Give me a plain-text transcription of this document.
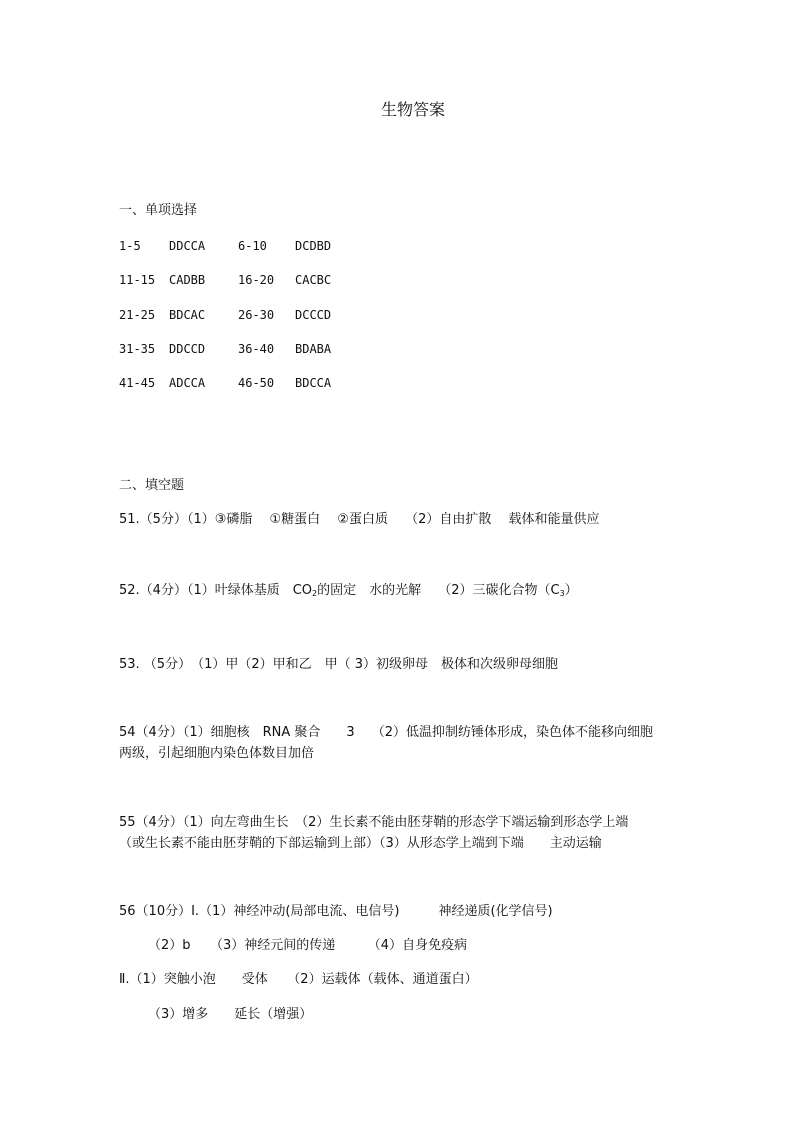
生物答案
一、单项选择
1-5 DDCCA	6-10 DCDBD
11-15 CADBB	16-20 CACBC
21-25 BDCAC	26-30 DCCCD
31-35 DDCCD	36-40 BDABA
41-45 ADCCA	46-50 BDCCA
二、填空题
51.（5分）（1）③磷脂　 ①糖蛋白　 ②蛋白质　 （2）自由扩散　 载体和能量供应
52.（4分）（1）叶绿体基质　$CO_2$的固定　水的光解　 （2）三碳化合物$(C_3)$
53. （5分）　（1）甲（2）甲和乙　甲（ 3）初级卵母　极体和次级卵母细胞
54（4分）（1）细胞核　RNA 聚合　　3　 （2）低温抑制纺锤体形成，染色体不能移向细胞
两级，引起细胞内染色体数目加倍
55（4分）（1）向左弯曲生长　（2）生长素不能由胚芽鞘的形态学下端运输到形态学上端
（或生长素不能由胚芽鞘的下部运输到上部）（3）从形态学上端到下端　　主动运输
56（10分）Ⅰ.（1）神经冲动(局部电流、电信号)　　　神经递质(化学信号)
（2）b　　（3）神经元间的传递　　　（4）自身免疫病
Ⅱ.（1）突触小泡　　受体　　（2）运载体（载体、通道蛋白）
（3）增多　　延长（增强）
